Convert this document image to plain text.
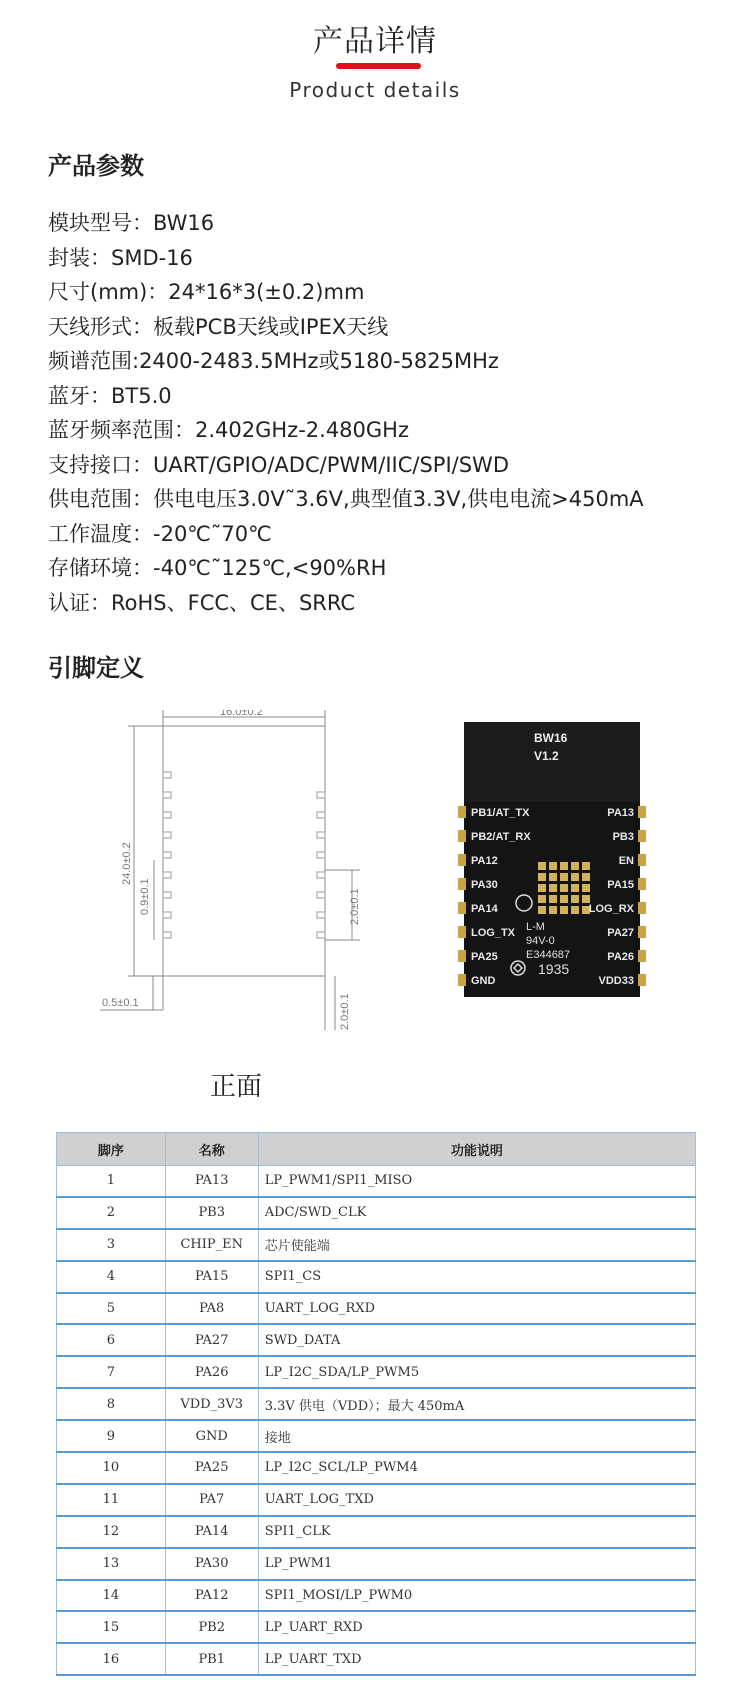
产品详情
Product details
产品参数
模块型号：BW16
封装：SMD-16
尺寸(mm)：24*16*3(±0.2)mm
天线形式：板载PCB天线或IPEX天线
频谱范围:2400-2483.5MHz或5180-5825MHz
蓝牙：BT5.0
蓝牙频率范围：2.402GHz-2.480GHz
支持接口：UART/GPIO/ADC/PWM/IIC/SPI/SWD
供电范围：供电电压3.0V˜3.6V,典型值3.3V,供电电流>450mA
工作温度：-20℃˜70℃
存储环境：-40℃˜125℃,<90%RH
认证：RoHS、FCC、CE、SRRC
引脚定义
16.0±0.2
24.0±0.2
0.9±0.1	2.0±0.1
2.0±0.1
0.5±0.1
BW16
V1.2
PB1/AT_TX
PB2/AT_RX
PA12
PA30
PA14
LOG_TX
PA25
GND
PA13
PB3
EN
PA15
LOG_RX
PA27
PA26
VDD33
L-M
94V-0
E344687
1935
正面
脚序	名称	功能说明
1	PA13	LP_PWM1/SPI1_MISO
2	PB3	ADC/SWD_CLK
3	CHIP_EN	芯片使能端
4	PA15	SPI1_CS
5	PA8	UART_LOG_RXD
6	PA27	SWD_DATA
7	PA26	LP_I2C_SDA/LP_PWM5
8	VDD_3V3	3.3V 供电（VDD）；最大 450mA
9	GND	接地
10	PA25	LP_I2C_SCL/LP_PWM4
11	PA7	UART_LOG_TXD
12	PA14	SPI1_CLK
13	PA30	LP_PWM1
14	PA12	SPI1_MOSI/LP_PWM0
15	PB2	LP_UART_RXD
16	PB1	LP_UART_TXD
